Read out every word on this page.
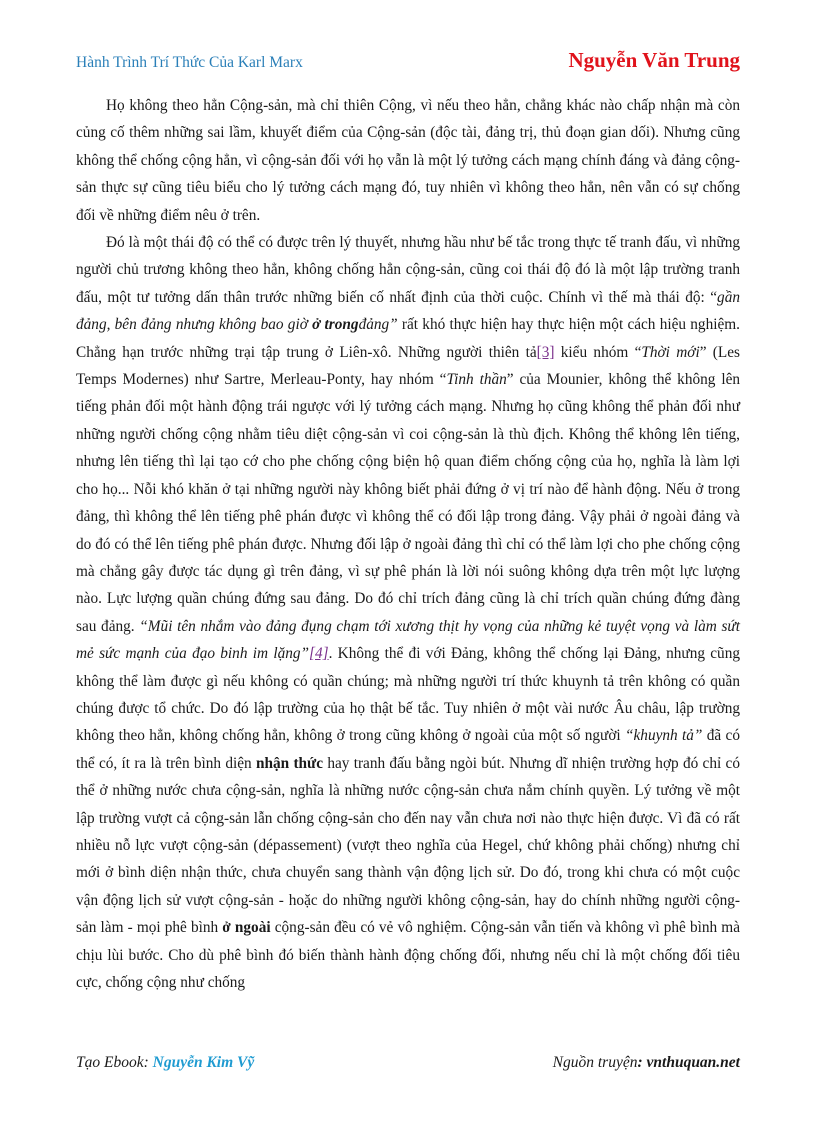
Hành Trình Trí Thức Của Karl Marx	Nguyễn Văn Trung

Họ không theo hẳn Cộng-sản, mà chỉ thiên Cộng, vì nếu theo hẳn, chẳng khác nào chấp nhận mà còn củng cố thêm những sai lầm, khuyết điểm của Cộng-sản (độc tài, đảng trị, thủ đoạn gian dối). Nhưng cũng không thể chống cộng hẳn, vì cộng-sản đối với họ vẫn là một lý tưởng cách mạng chính đáng và đảng cộng-sản thực sự cũng tiêu biểu cho lý tưởng cách mạng đó, tuy nhiên vì không theo hẳn, nên vẫn có sự chống đối về những điểm nêu ở trên.

Đó là một thái độ có thể có được trên lý thuyết, nhưng hầu như bế tắc trong thực tế tranh đấu, vì những người chủ trương không theo hẳn, không chống hẳn cộng-sản, cũng coi thái độ đó là một lập trường tranh đấu, một tư tưởng dấn thân trước những biến cố nhất định của thời cuộc. Chính vì thế mà thái độ: “gần đảng, bên đảng nhưng không bao giờ ở trongđảng” rất khó thực hiện hay thực hiện một cách hiệu nghiệm. Chẳng hạn trước những trại tập trung ở Liên-xô. Những người thiên tả[3] kiểu nhóm “Thời mới” (Les Temps Modernes) như Sartre, Merleau-Ponty, hay nhóm “Tinh thần” của Mounier, không thể không lên tiếng phản đối một hành động trái ngược với lý tưởng cách mạng. Nhưng họ cũng không thể phản đối như những người chống cộng nhằm tiêu diệt cộng-sản vì coi cộng-sản là thù địch. Không thể không lên tiếng, nhưng lên tiếng thì lại tạo cớ cho phe chống cộng biện hộ quan điểm chống cộng của họ, nghĩa là làm lợi cho họ... Nỗi khó khăn ở tại những người này không biết phải đứng ở vị trí nào để hành động. Nếu ở trong đảng, thì không thể lên tiếng phê phán được vì không thể có đối lập trong đảng. Vậy phải ở ngoài đảng và do đó có thể lên tiếng phê phán được. Nhưng đối lập ở ngoài đảng thì chỉ có thể làm lợi cho phe chống cộng mà chẳng gây được tác dụng gì trên đảng, vì sự phê phán là lời nói suông không dựa trên một lực lượng nào. Lực lượng quần chúng đứng sau đảng. Do đó chỉ trích đảng cũng là chỉ trích quần chúng đứng đàng sau đảng. “Mũi tên nhắm vào đảng đụng chạm tới xương thịt hy vọng của những kẻ tuyệt vọng và làm sứt mẻ sức mạnh của đạo binh im lặng”[4]. Không thể đi với Đảng, không thể chống lại Đảng, nhưng cũng không thể làm được gì nếu không có quần chúng; mà những người trí thức khuynh tả trên không có quần chúng được tổ chức. Do đó lập trường của họ thật bế tắc. Tuy nhiên ở một vài nước Âu châu, lập trường không theo hẳn, không chống hẳn, không ở trong cũng không ở ngoài của một số người “khuynh tả” đã có thể có, ít ra là trên bình diện nhận thức hay tranh đấu bằng ngòi bút. Nhưng dĩ nhiện trường hợp đó chỉ có thể ở những nước chưa cộng-sản, nghĩa là những nước cộng-sản chưa nắm chính quyền. Lý tưởng về một lập trường vượt cả cộng-sản lẫn chống cộng-sản cho đến nay vẫn chưa nơi nào thực hiện được. Vì đã có rất nhiều nỗ lực vượt cộng-sản (dépassement) (vượt theo nghĩa của Hegel, chứ không phải chống) nhưng chỉ mới ở bình diện nhận thức, chưa chuyển sang thành vận động lịch sử. Do đó, trong khi chưa có một cuộc vận động lịch sử vượt cộng-sản - hoặc do những người không cộng-sản, hay do chính những người cộng-sản làm - mọi phê bình ở ngoài cộng-sản đều có vẻ vô nghiệm. Cộng-sản vẫn tiến và không vì phê bình mà chịu lùi bước. Cho dù phê bình đó biến thành hành động chống đối, nhưng nếu chỉ là một chống đối tiêu cực, chống cộng như chống

Tạo Ebook: Nguyễn Kim Vỹ	Nguồn truyện: vnthuquan.net
